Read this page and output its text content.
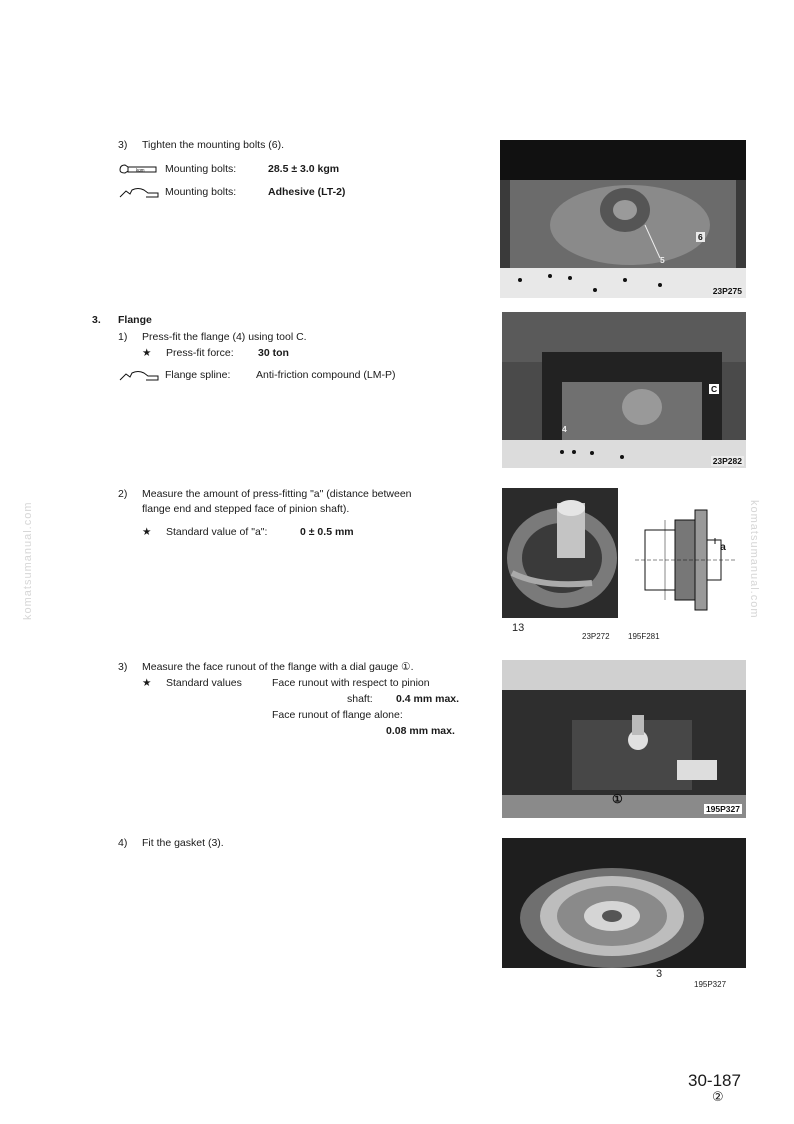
komatsumanual.com	komatsumanual.com
3) Tighten the mounting bolts (6).
kgm Mounting bolts:	28.5 ± 3.0 kgm
Mounting bolts:	Adhesive (LT-2)
5
6
23P275
3. Flange
1) Press-fit the flange (4) using tool C.
★ Press-fit force: 30 ton
Flange spline: Anti-friction compound (LM-P)
C
4
23P282
2) Measure the amount of press-fitting "a" (distance between
flange end and stepped face of pinion shaft).
★ Standard value of "a":	0 ± 0.5 mm
13
23P272
a
195F281
3) Measure the face runout of the flange with a dial gauge ①.
★ Standard values	Face runout with respect to pinion
shaft: 0.4 mm max.
Face runout of flange alone:
0.08 mm max.
①
195P327
4) Fit the gasket (3).
3
195P327
30-187
②
